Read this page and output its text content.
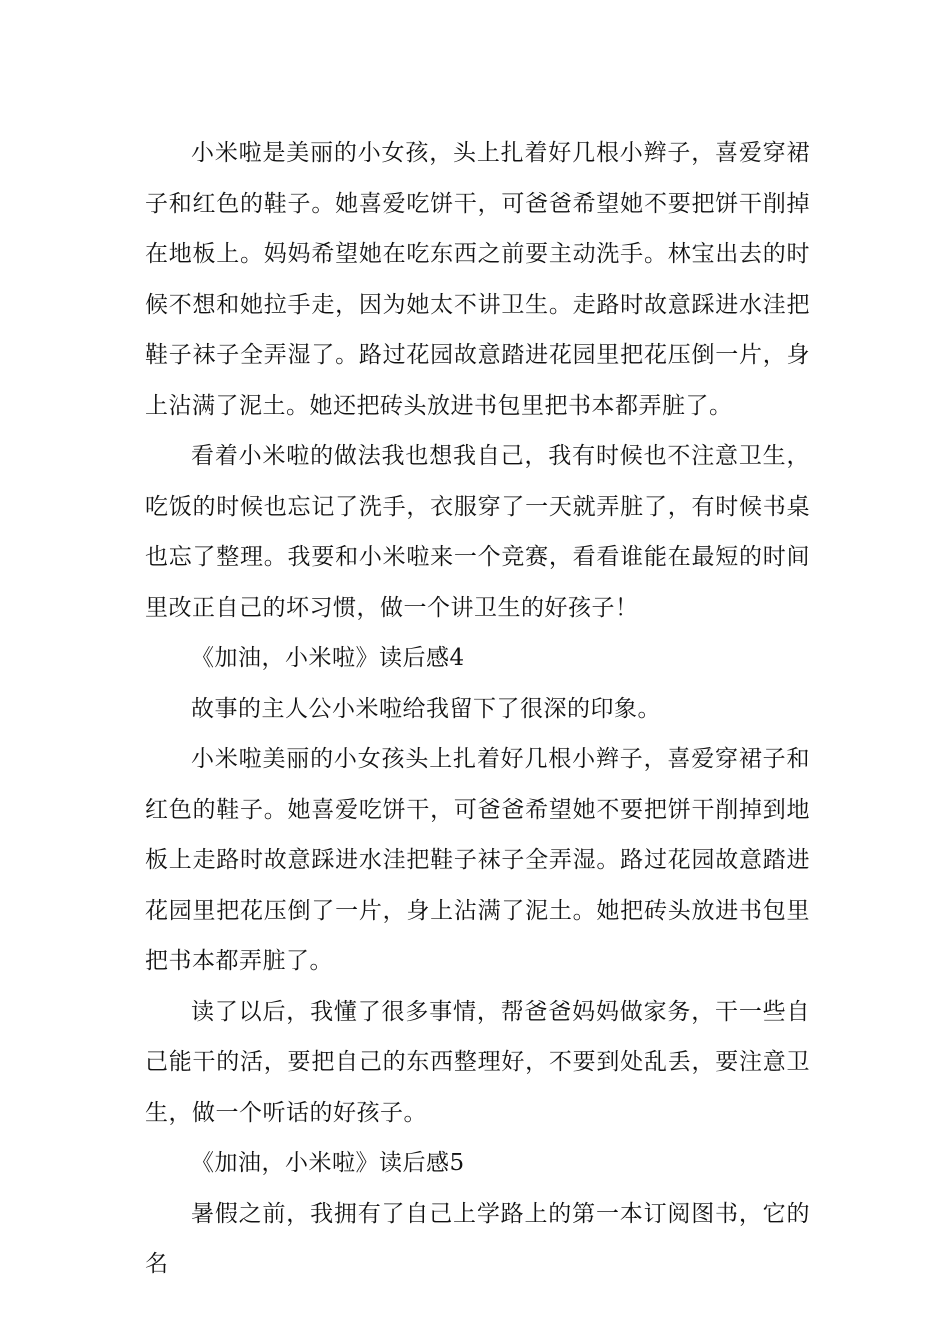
小米啦是美丽的小女孩，头上扎着好几根小辫子，喜爱穿裙子和红色的鞋子。她喜爱吃饼干，可爸爸希望她不要把饼干削掉在地板上。妈妈希望她在吃东西之前要主动洗手。林宝出去的时候不想和她拉手走，因为她太不讲卫生。走路时故意踩进水洼把鞋子袜子全弄湿了。路过花园故意踏进花园里把花压倒一片，身上沾满了泥土。她还把砖头放进书包里把书本都弄脏了。

看着小米啦的做法我也想我自己，我有时候也不注意卫生，吃饭的时候也忘记了洗手，衣服穿了一天就弄脏了，有时候书桌也忘了整理。我要和小米啦来一个竞赛，看看谁能在最短的时间里改正自己的坏习惯，做一个讲卫生的好孩子！

《加油，小米啦》读后感4

故事的主人公小米啦给我留下了很深的印象。

小米啦美丽的小女孩头上扎着好几根小辫子，喜爱穿裙子和红色的鞋子。她喜爱吃饼干，可爸爸希望她不要把饼干削掉到地板上走路时故意踩进水洼把鞋子袜子全弄湿。路过花园故意踏进花园里把花压倒了一片，身上沾满了泥土。她把砖头放进书包里把书本都弄脏了。

读了以后，我懂了很多事情，帮爸爸妈妈做家务，干一些自己能干的活，要把自己的东西整理好，不要到处乱丢，要注意卫生，做一个听话的好孩子。

《加油，小米啦》读后感5

暑假之前，我拥有了自己上学路上的第一本订阅图书，它的名
